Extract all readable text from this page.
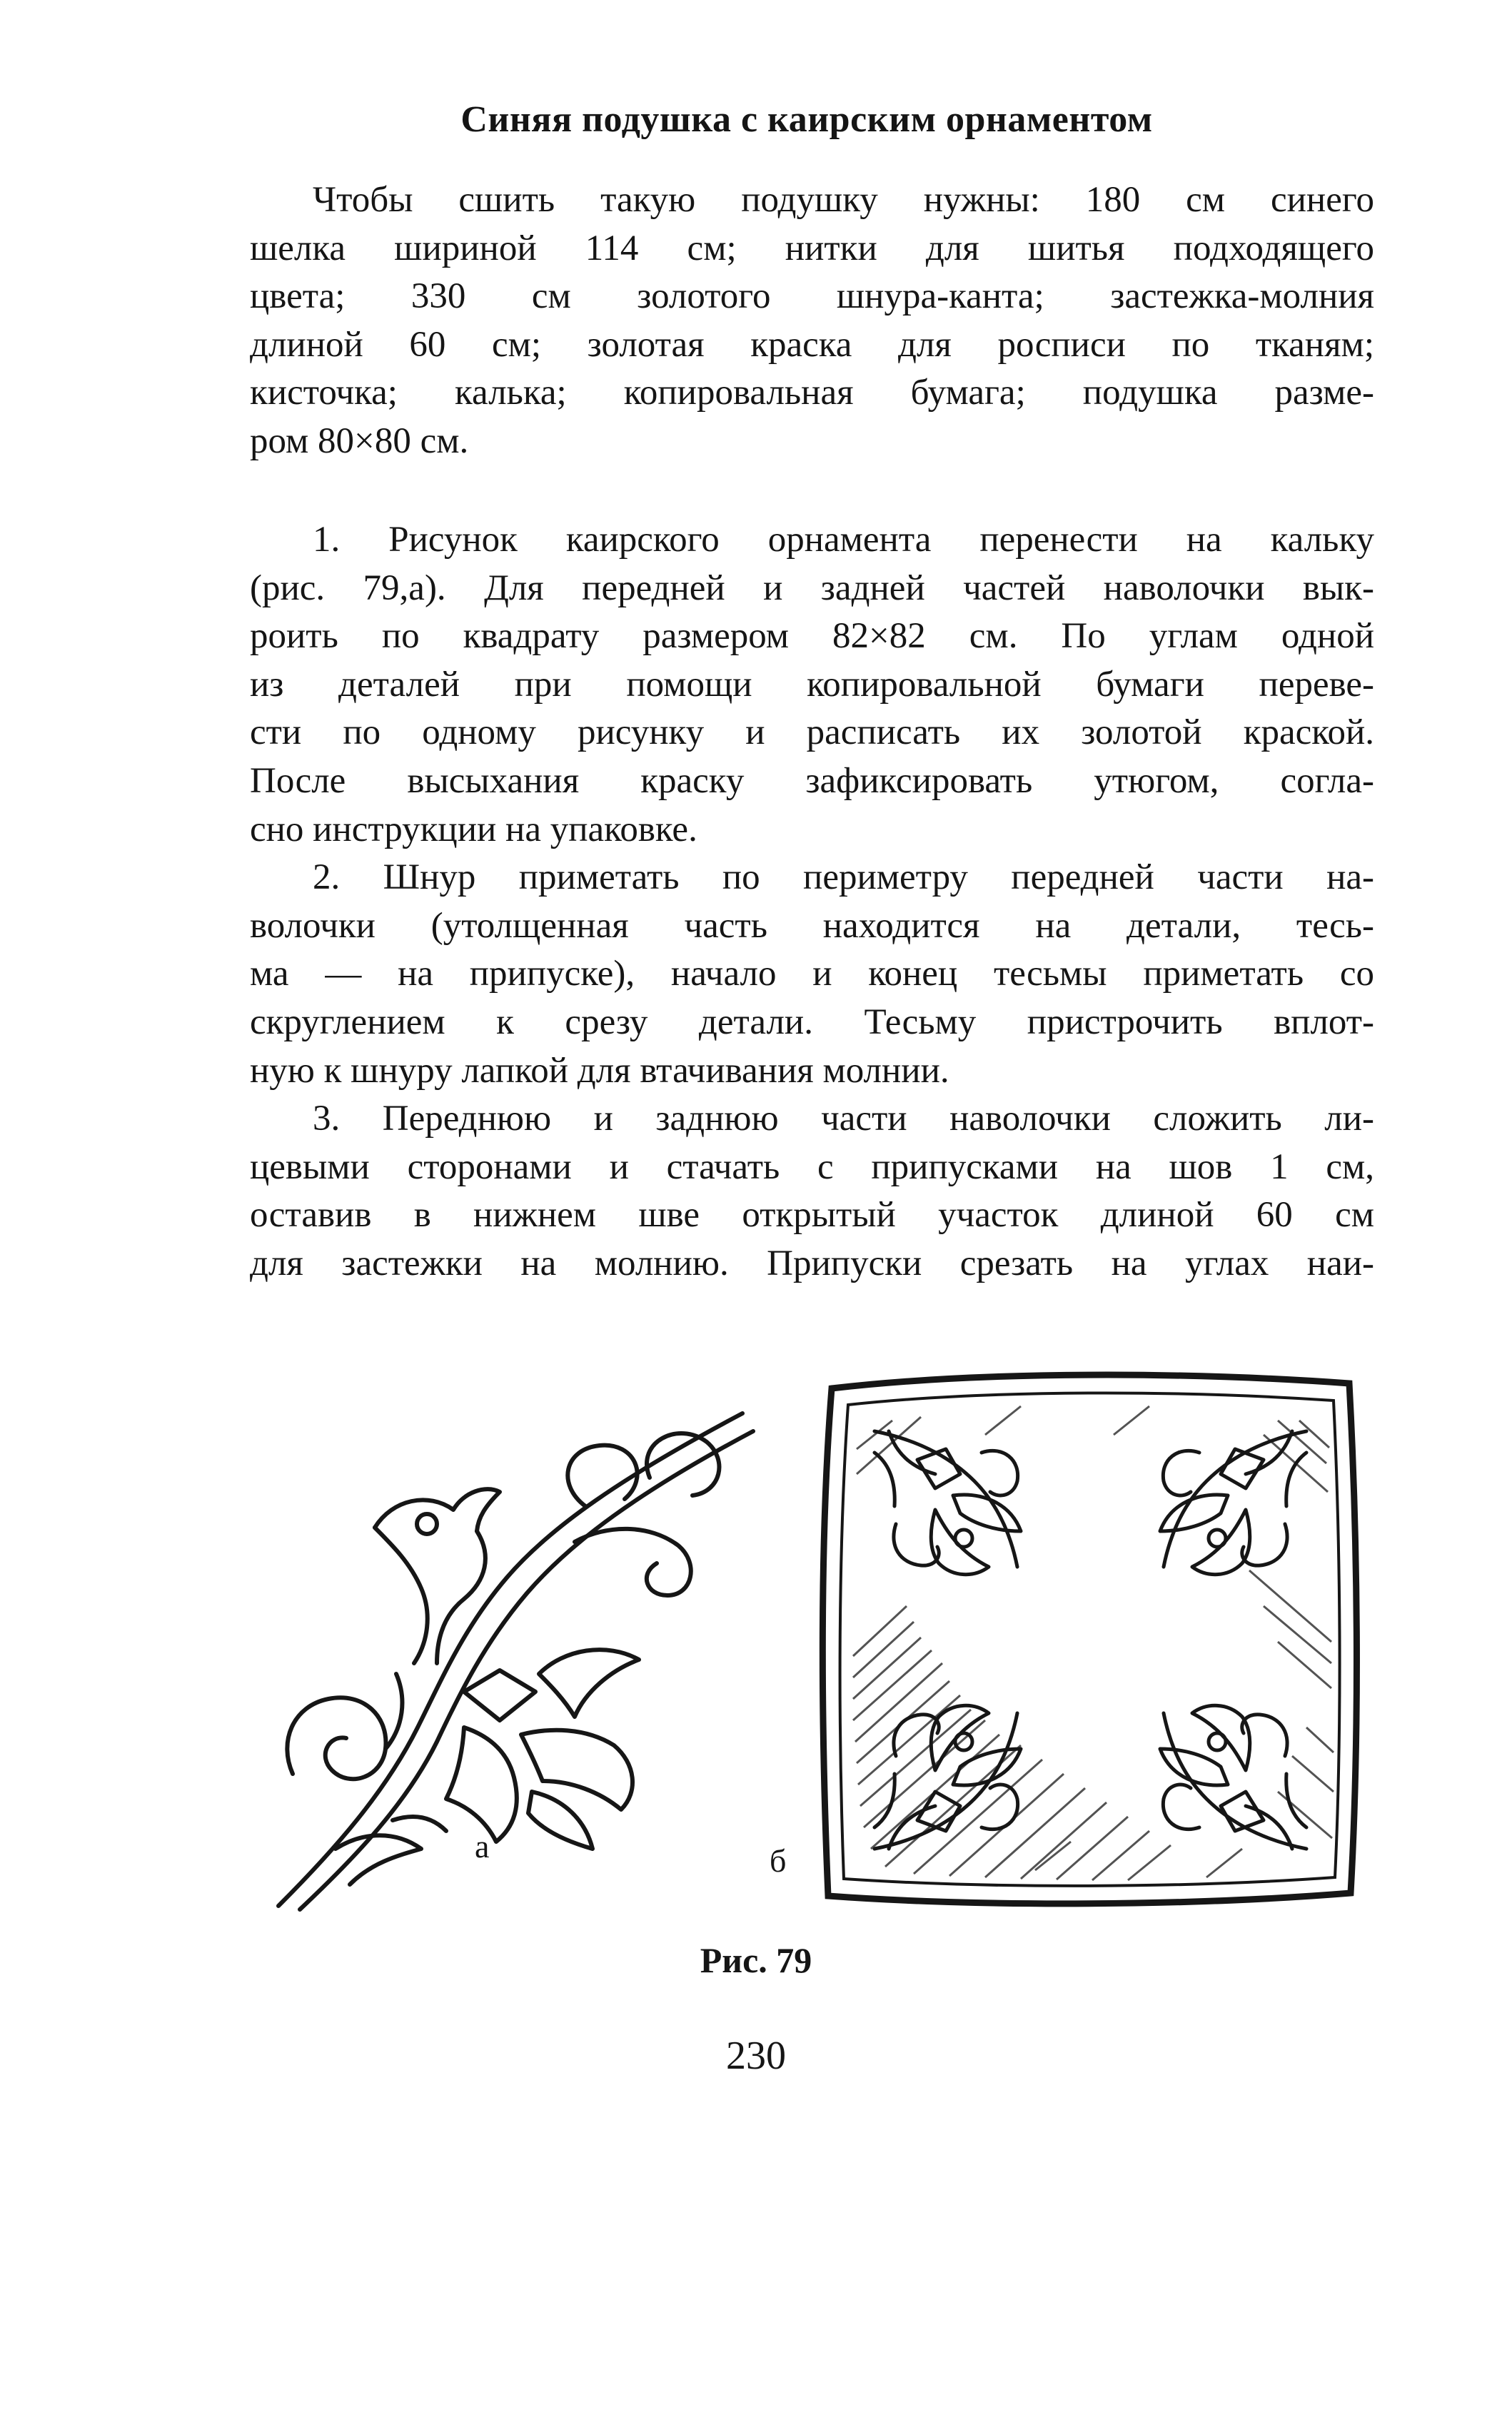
Синяя подушка с каирским орнаментом
Чтобы сшить такую подушку нужны: 180 см синего
шелка шириной 114 см; нитки для шитья подходящего
цвета; 330 см золотого шнура-канта; застежка-молния
длиной 60 см; золотая краска для росписи по тканям;
кисточка; калька; копировальная бумага; подушка разме-
ром 80×80 см.
1. Рисунок каирского орнамента перенести на кальку
(рис. 79,а). Для передней и задней частей наволочки вык-
роить по квадрату размером 82×82 см. По углам одной
из деталей при помощи копировальной бумаги переве-
сти по одному рисунку и расписать их золотой краской.
После высыхания краску зафиксировать утюгом, согла-
сно инструкции на упаковке.
2. Шнур приметать по периметру передней части на-
волочки (утолщенная часть находится на детали, тесь-
ма — на припуске), начало и конец тесьмы приметать со
скруглением к срезу детали. Тесьму пристрочить вплот-
ную к шнуру лапкой для втачивания молнии.
3. Переднюю и заднюю части наволочки сложить ли-
цевыми сторонами и стачать с припусками на шов 1 см,
оставив в нижнем шве открытый участок длиной 60 см
для застежки на молнию. Припуски срезать на углах наи-
а	б

Рис. 79

230
